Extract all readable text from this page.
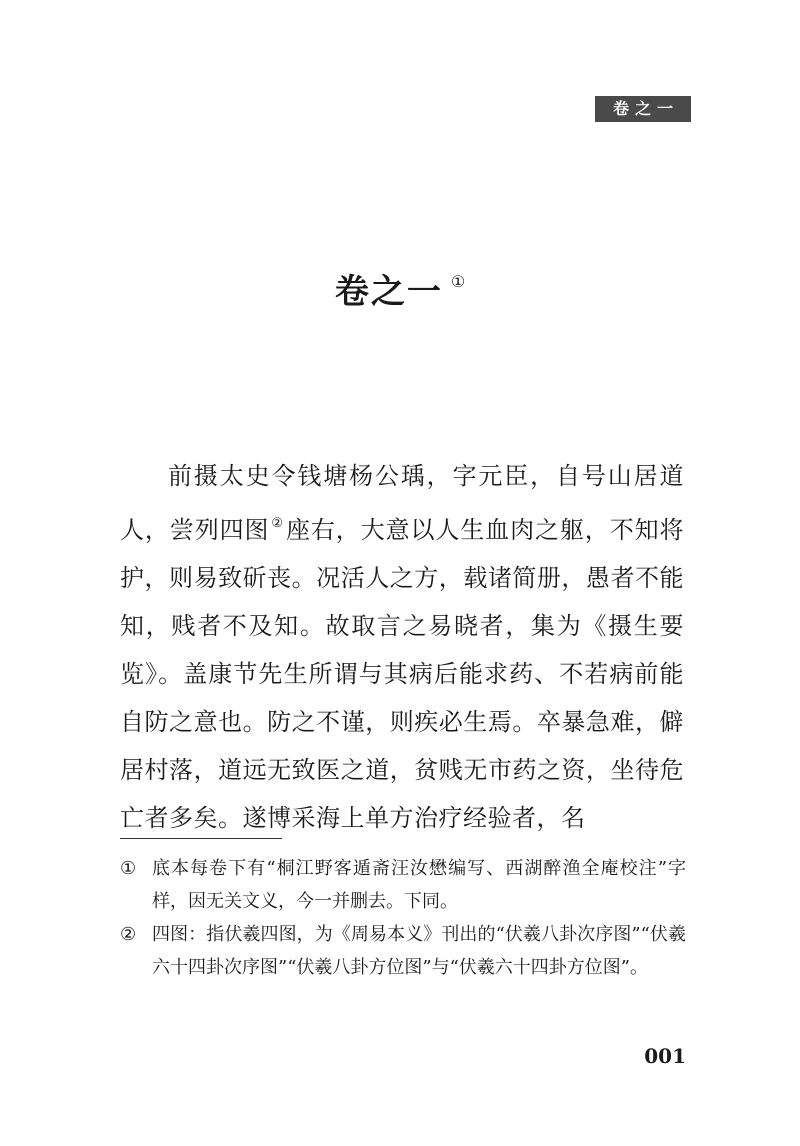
卷之一
卷之一 ①

前摄太史令钱塘杨公瑀，字元臣，自号山居道人，尝列四图 ②座右，大意以人生血肉之躯，不知将护，则易致斫丧。况活人之方，载诸简册，愚者不能知，贱者不及知。故取言之易晓者，集为《摄生要览》。盖康节先生所谓与其病后能求药、不若病前能自防之意也。防之不谨，则疾必生焉。卒暴急难，僻居村落，道远无致医之道，贫贱无市药之资，坐待危亡者多矣。遂博采海上单方治疗经验者，名

① 底本每卷下有“桐江野客遁斋汪汝懋编写、西湖醉渔全庵校注”字样，因无关文义，今一并删去。下同。
② 四图：指伏羲四图，为《周易本义》刊出的“伏羲八卦次序图”“伏羲六十四卦次序图”“伏羲八卦方位图”与“伏羲六十四卦方位图”。
001
